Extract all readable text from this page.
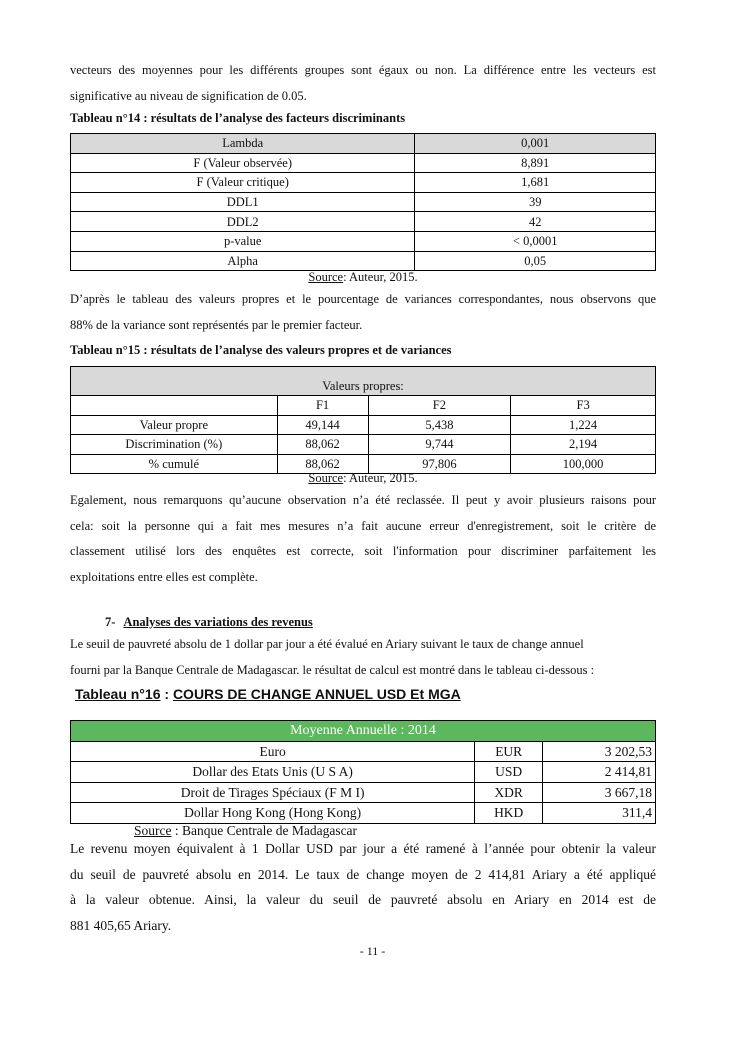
vecteurs des moyennes pour les différents groupes sont égaux ou non. La différence entre les vecteurs est

significative au niveau de signification de 0.05.

Tableau n°14 : résultats de l’analyse des facteurs discriminants

Lambda	0,001
F (Valeur observée)	8,891
F (Valeur critique)	1,681
DDL1	39
DDL2	42
p-value	< 0,0001
Alpha	0,05
Source: Auteur, 2015.

D’après le tableau des valeurs propres et le pourcentage de variances correspondantes, nous observons que

88% de la variance sont représentés par le premier facteur.

Tableau n°15 : résultats de l’analyse des valeurs propres et de variances

Valeurs propres:			
	F1	F2	F3
Valeur propre	49,144	5,438	1,224
Discrimination (%)	88,062	9,744	2,194
% cumulé	88,062	97,806	100,000
Source: Auteur, 2015.

Egalement, nous remarquons qu’aucune observation n’a été reclassée. Il peut y avoir plusieurs raisons pour

cela: soit la personne qui a fait mes mesures n’a fait aucune erreur d'enregistrement, soit le critère de

classement utilisé lors des enquêtes est correcte, soit l'information pour discriminer parfaitement les

exploitations entre elles est complète.

7- Analyses des variations des revenus

Le seuil de pauvreté absolu de 1 dollar par jour a été évalué en Ariary suivant le taux de change annuel

fourni par la Banque Centrale de Madagascar. le résultat de calcul est montré dans le tableau ci-dessous :

Tableau n°16 : COURS DE CHANGE ANNUEL USD Et MGA

Moyenne Annuelle : 2014		
Euro	EUR	3 202,53
Dollar des Etats Unis (U S A)	USD	2 414,81
Droit de Tirages Spéciaux (F M I)	XDR	3 667,18
Dollar Hong Kong (Hong Kong)	HKD	311,4
Source : Banque Centrale de Madagascar

Le revenu moyen équivalent à 1 Dollar USD par jour a été ramené à l’année pour obtenir la valeur

du seuil de pauvreté absolu en 2014. Le taux de change moyen de 2 414,81 Ariary a été appliqué

à la valeur obtenue. Ainsi, la valeur du seuil de pauvreté absolu en Ariary en 2014 est de

881 405,65 Ariary.

- 11 -
